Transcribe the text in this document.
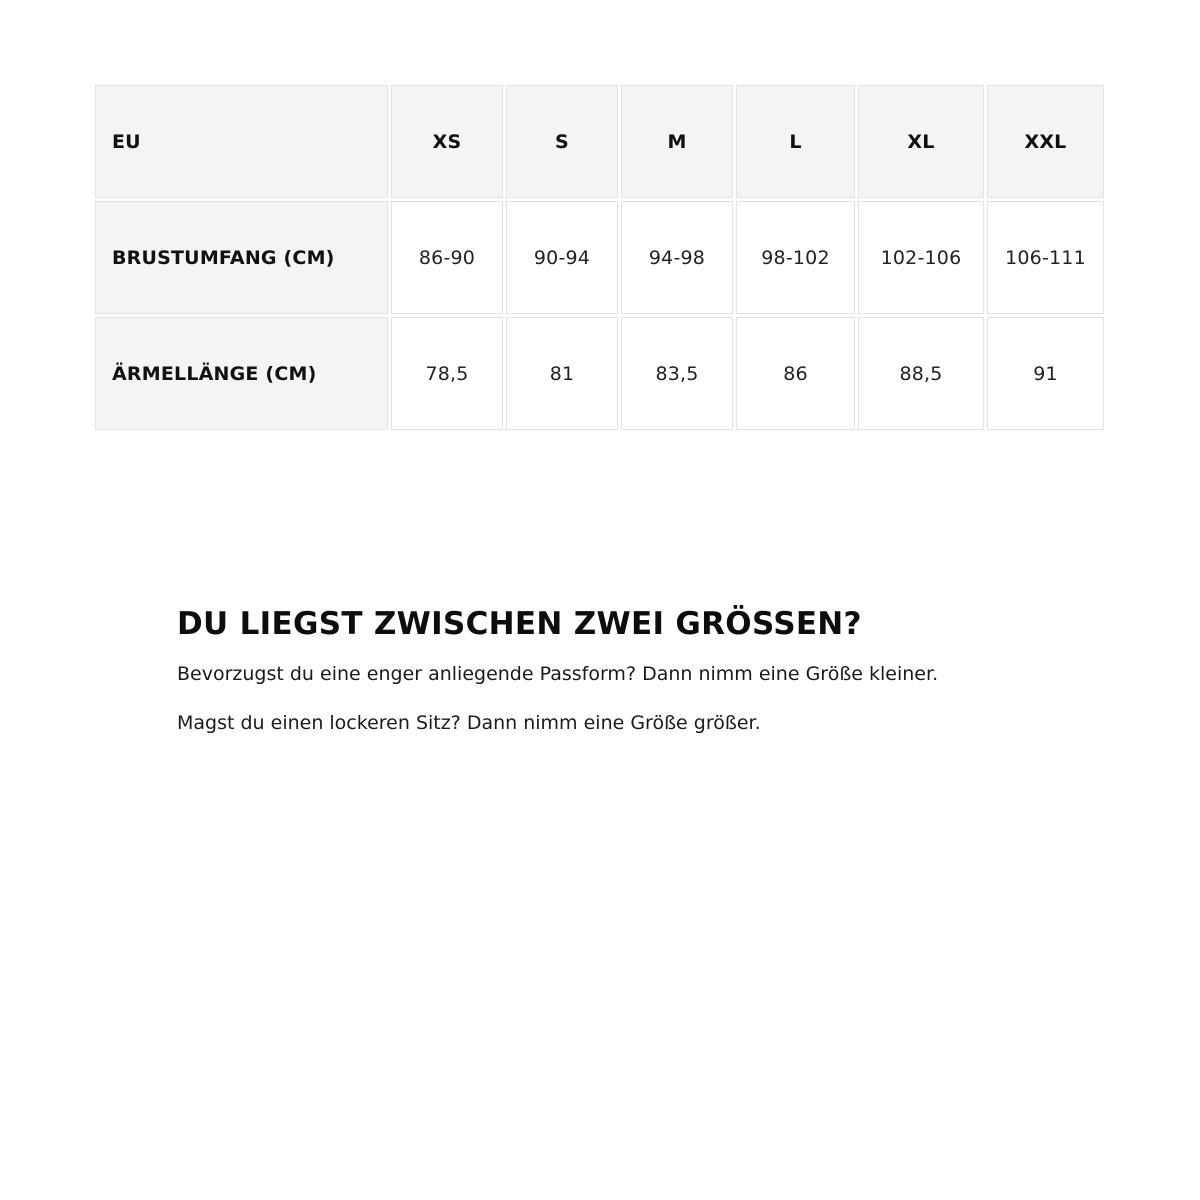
EU	XS	S	M	L	XL	XXL
BRUSTUMFANG (CM)	86-90	90-94	94-98	98-102	102-106	106-111
ÄRMELLÄNGE (CM)	78,5	81	83,5	86	88,5	91
DU LIEGST ZWISCHEN ZWEI GRÖSSEN?

Bevorzugst du eine enger anliegende Passform? Dann nimm eine Größe kleiner.

Magst du einen lockeren Sitz? Dann nimm eine Größe größer.
